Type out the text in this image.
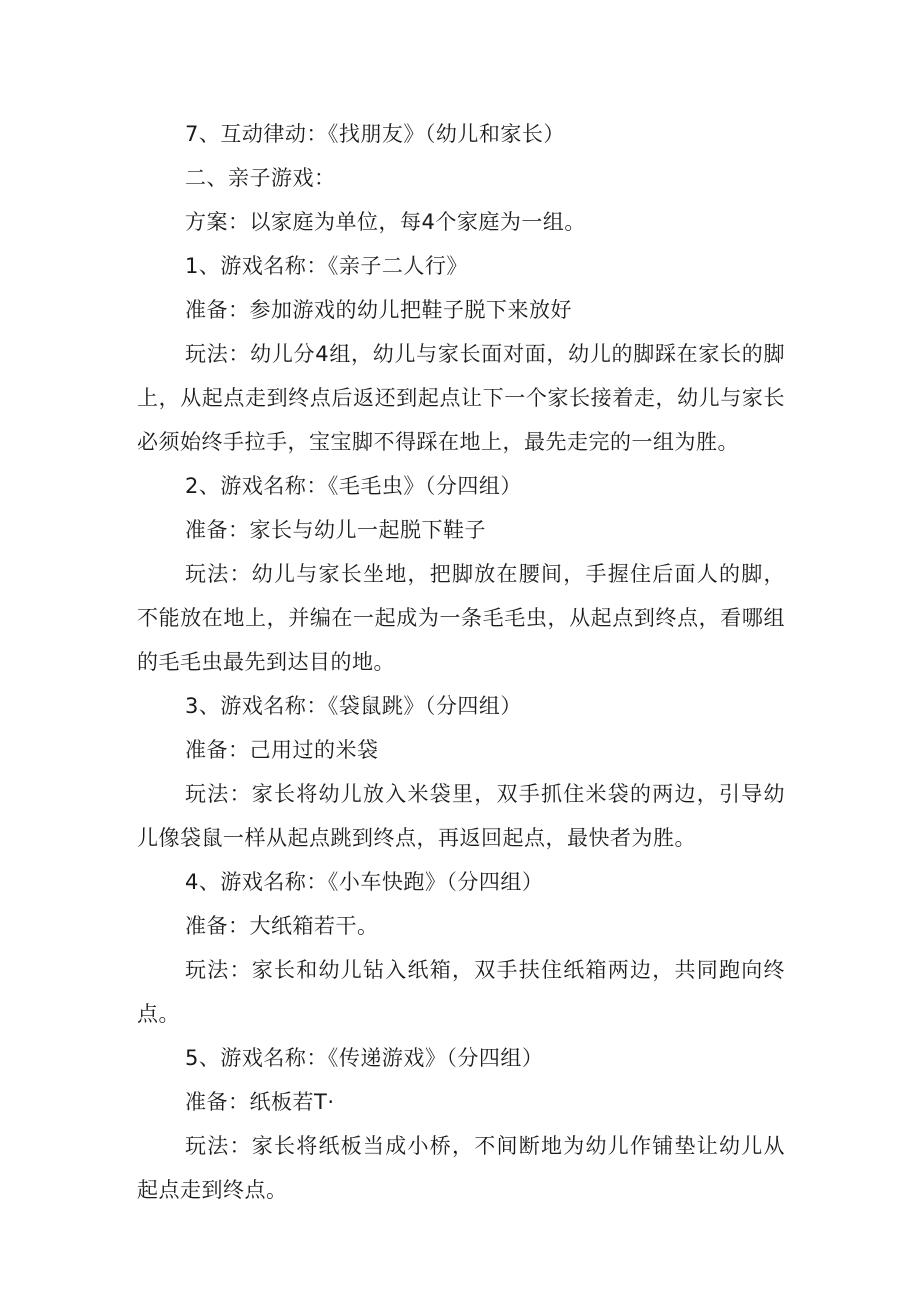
7、互动律动：《找朋友》（幼儿和家长）

二、亲子游戏：

方案：以家庭为单位，每4个家庭为一组。

1、游戏名称：《亲子二人行》

准备：参加游戏的幼儿把鞋子脱下来放好

玩法：幼儿分4组，幼儿与家长面对面，幼儿的脚踩在家长的脚上，从起点走到终点后返还到起点让下一个家长接着走，幼儿与家长必须始终手拉手，宝宝脚不得踩在地上，最先走完的一组为胜。

2、游戏名称：《毛毛虫》（分四组）

准备：家长与幼儿一起脱下鞋子

玩法：幼儿与家长坐地，把脚放在腰间，手握住后面人的脚，不能放在地上，并编在一起成为一条毛毛虫，从起点到终点，看哪组的毛毛虫最先到达目的地。

3、游戏名称：《袋鼠跳》（分四组）

准备：己用过的米袋

玩法：家长将幼儿放入米袋里，双手抓住米袋的两边，引导幼儿像袋鼠一样从起点跳到终点，再返回起点，最快者为胜。

4、游戏名称：《小车快跑》（分四组）

准备：大纸箱若干。

玩法：家长和幼儿钻入纸箱，双手扶住纸箱两边，共同跑向终点。

5、游戏名称：《传递游戏》（分四组）

准备：纸板若T·

玩法：家长将纸板当成小桥，不间断地为幼儿作铺垫让幼儿从起点走到终点。
